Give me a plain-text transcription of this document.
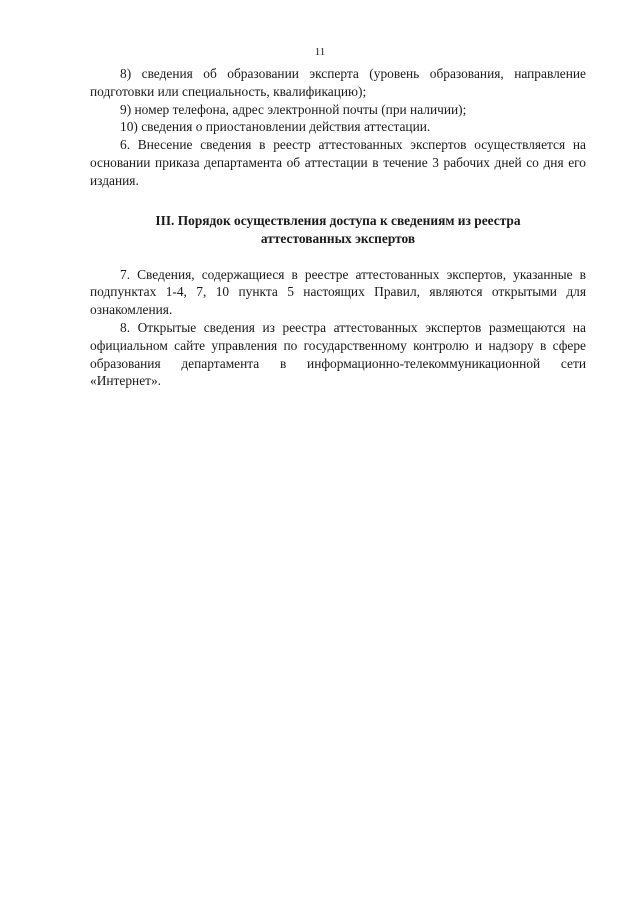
11

8) сведения об образовании эксперта (уровень образования, направление подготовки или специальность, квалификацию);

9) номер телефона, адрес электронной почты (при наличии);

10) сведения о приостановлении действия аттестации.

6. Внесение сведения в реестр аттестованных экспертов осуществляется на основании приказа департамента об аттестации в течение 3 рабочих дней со дня его издания.

III. Порядок осуществления доступа к сведениям из реестра
аттестованных экспертов

7. Сведения, содержащиеся в реестре аттестованных экспертов, указанные в подпунктах 1-4, 7, 10 пункта 5 настоящих Правил, являются открытыми для ознакомления.

8. Открытые сведения из реестра аттестованных экспертов размещаются на официальном сайте управления по государственному контролю и надзору в сфере образования департамента в информационно-телекоммуникационной сети «Интернет».
